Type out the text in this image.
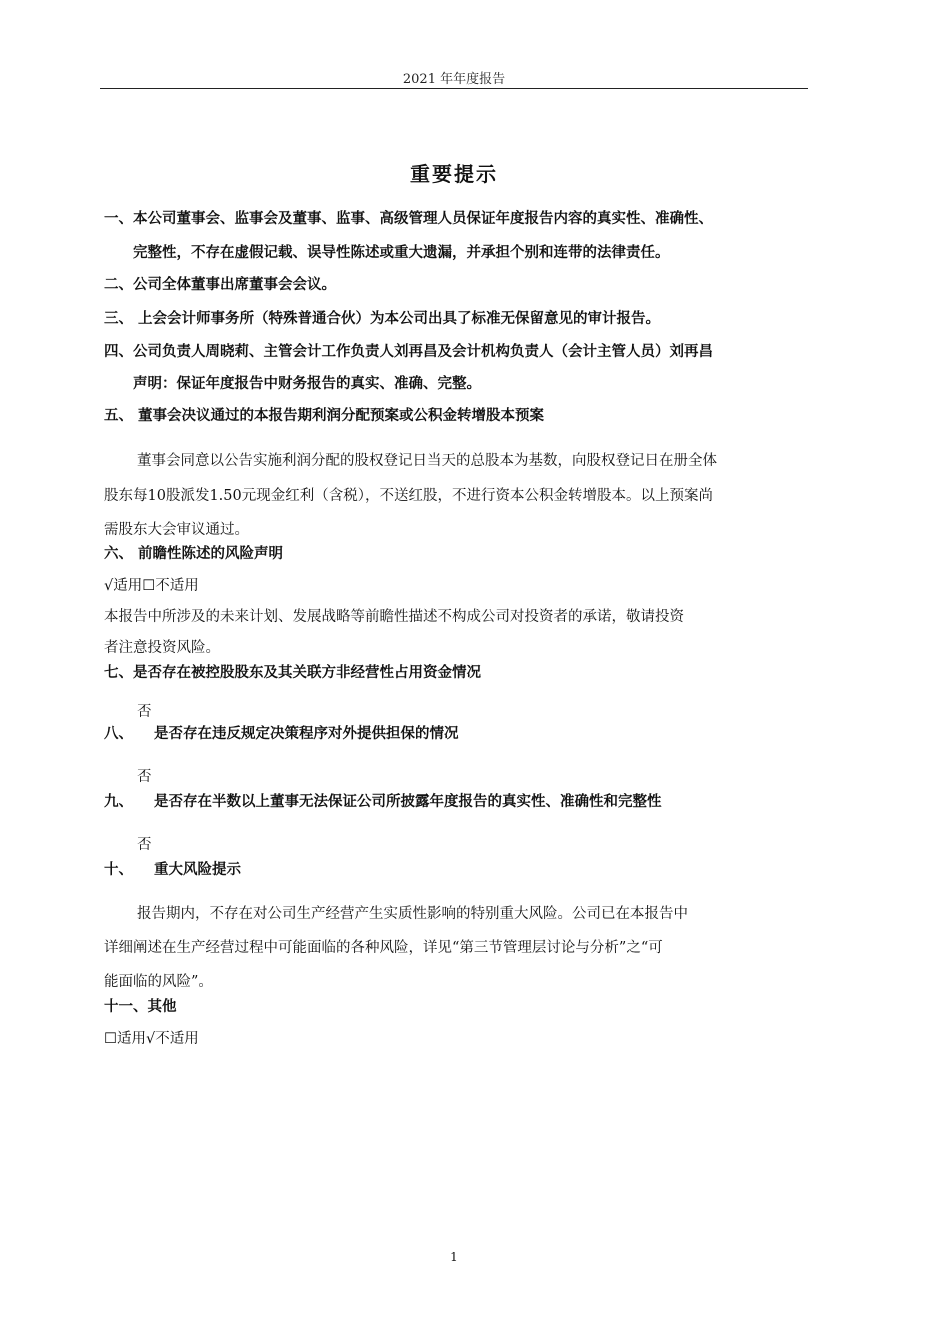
2021 年年度报告
重要提示
一、本公司董事会、监事会及董事、监事、高级管理人员保证年度报告内容的真实性、准确性、
完整性，不存在虚假记载、误导性陈述或重大遗漏，并承担个别和连带的法律责任。
二、公司全体董事出席董事会会议。
三、 上会会计师事务所（特殊普通合伙）为本公司出具了标准无保留意见的审计报告。
四、公司负责人周晓莉、主管会计工作负责人刘再昌及会计机构负责人（会计主管人员）刘再昌
声明：保证年度报告中财务报告的真实、准确、完整。
五、 董事会决议通过的本报告期利润分配预案或公积金转增股本预案
董事会同意以公告实施利润分配的股权登记日当天的总股本为基数，向股权登记日在册全体
股东每10股派发1.50元现金红利（含税），不送红股，不进行资本公积金转增股本。以上预案尚
需股东大会审议通过。
六、 前瞻性陈述的风险声明
√适用☐不适用
本报告中所涉及的未来计划、发展战略等前瞻性描述不构成公司对投资者的承诺，敬请投资
者注意投资风险。
七、是否存在被控股股东及其关联方非经营性占用资金情况
否
八、 是否存在违反规定决策程序对外提供担保的情况
否
九、 是否存在半数以上董事无法保证公司所披露年度报告的真实性、准确性和完整性
否
十、 重大风险提示
报告期内，不存在对公司生产经营产生实质性影响的特别重大风险。公司已在本报告中
详细阐述在生产经营过程中可能面临的各种风险，详见“第三节管理层讨论与分析”之“可
能面临的风险”。
十一、其他
☐适用√不适用
1
